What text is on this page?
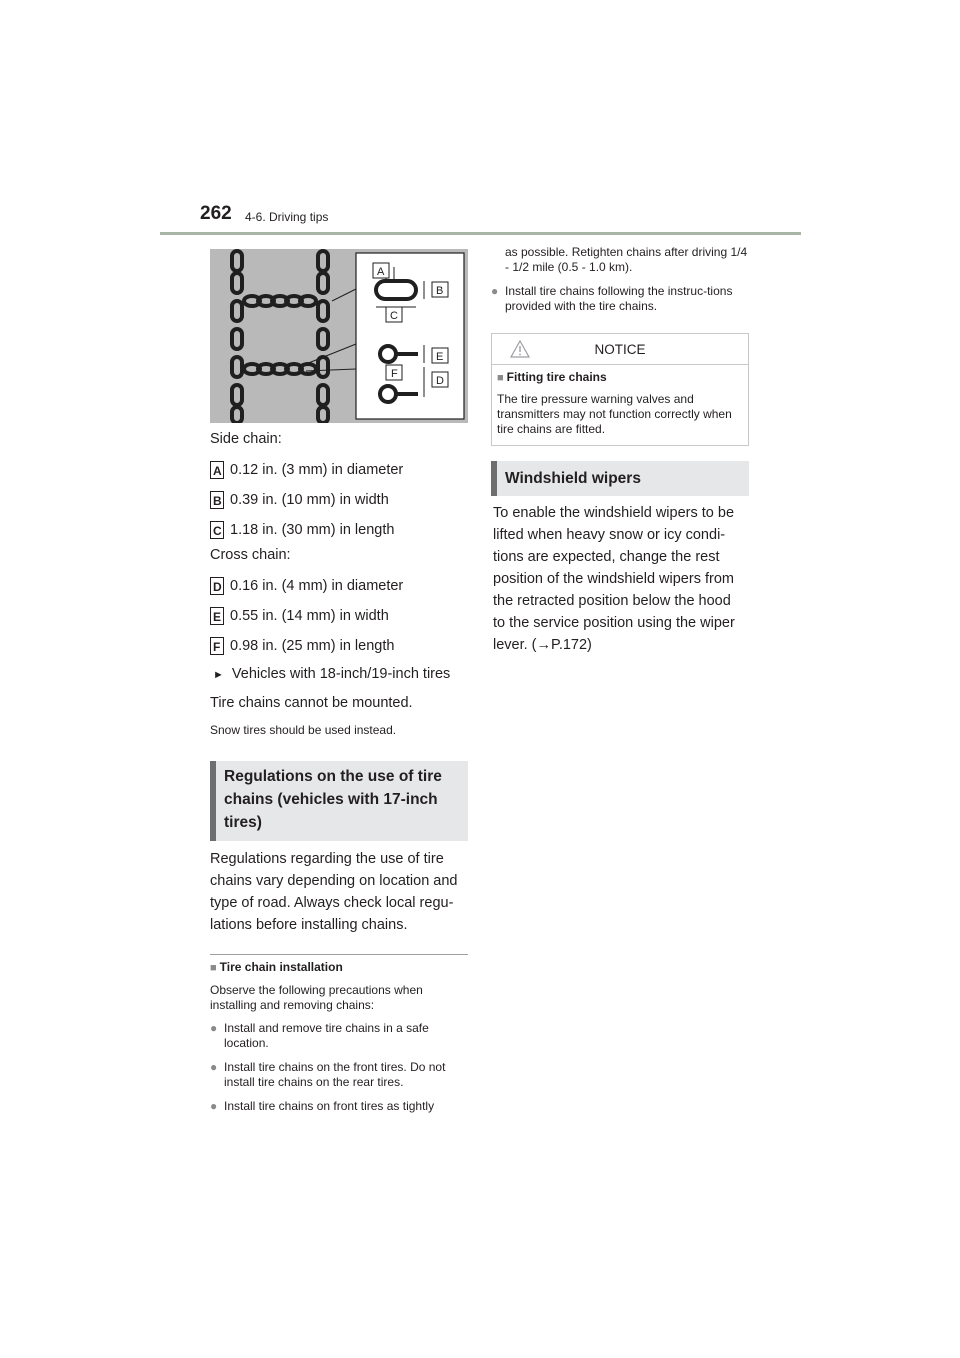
262 4-6. Driving tips
A
B
C
E
F
D
Side chain:
A 0.12 in. (3 mm) in diameter
B 0.39 in. (10 mm) in width
C 1.18 in. (30 mm) in length
Cross chain:
D 0.16 in. (4 mm) in diameter
E 0.55 in. (14 mm) in width
F 0.98 in. (25 mm) in length
► Vehicles with 18-inch/19-inch tires
Tire chains cannot be mounted.
Snow tires should be used instead.
Regulations on the use of tire chains (vehicles with 17-inch tires)
Regulations regarding the use of tire chains vary depending on location and type of road. Always check local regu-lations before installing chains.
■ Tire chain installation
Observe the following precautions when installing and removing chains:
● Install and remove tire chains in a safe location.
● Install tire chains on the front tires. Do not install tire chains on the rear tires.
● Install tire chains on front tires as tightly
as possible. Retighten chains after driving 1/4 - 1/2 mile (0.5 - 1.0 km).
● Install tire chains following the instruc-tions provided with the tire chains.
NOTICE
■ Fitting tire chains
The tire pressure warning valves and transmitters may not function correctly when tire chains are fitted.
Windshield wipers
To enable the windshield wipers to be lifted when heavy snow or icy condi-tions are expected, change the rest position of the windshield wipers from the retracted position below the hood to the service position using the wiper lever. (→P.172)
